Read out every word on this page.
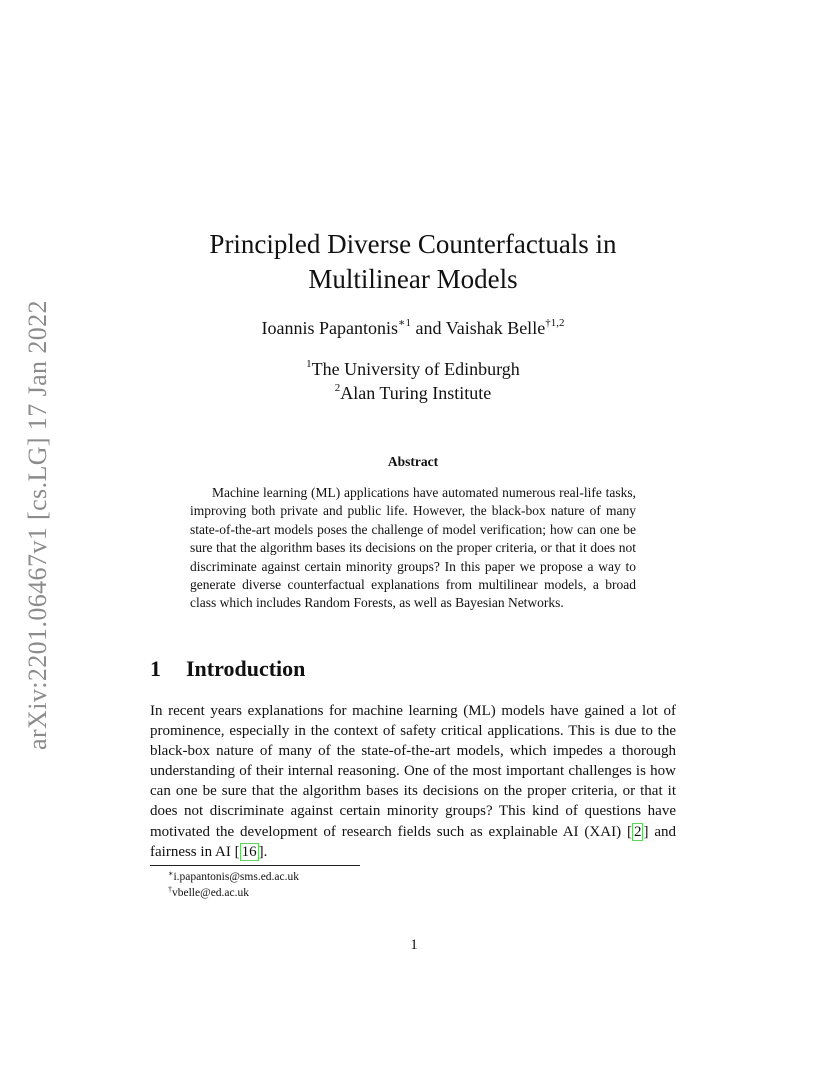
arXiv:2201.06467v1 [cs.LG] 17 Jan 2022
Principled Diverse Counterfactuals in
Multilinear Models
Ioannis Papantonis$^{∗1}$ and Vaishak Belle$^{\dagger 1,2}$
$^1$The University of Edinburgh
$^2$Alan Turing Institute
Abstract

Machine learning (ML) applications have automated numerous real-life tasks, improving both private and public life. However, the black-box nature of many state-of-the-art models poses the challenge of model verification; how can one be sure that the algorithm bases its decisions on the proper criteria, or that it does not discriminate against certain minority groups? In this paper we propose a way to generate diverse counterfactual explanations from multilinear models, a broad class which includes Random Forests, as well as Bayesian Networks.

1 Introduction

In recent years explanations for machine learning (ML) models have gained a lot of prominence, especially in the context of safety critical applications. This is due to the black-box nature of many of the state-of-the-art models, which impedes a thorough understanding of their internal reasoning. One of the most important challenges is how can one be sure that the algorithm bases its decisions on the proper criteria, or that it does not discriminate against certain minority groups? This kind of questions have motivated the development of research fields such as explainable AI (XAI) [ 2 ] and fairness in AI [ 16 ].

∗i.papantonis@sms.ed.ac.uk
†vbelle@ed.ac.uk
1
